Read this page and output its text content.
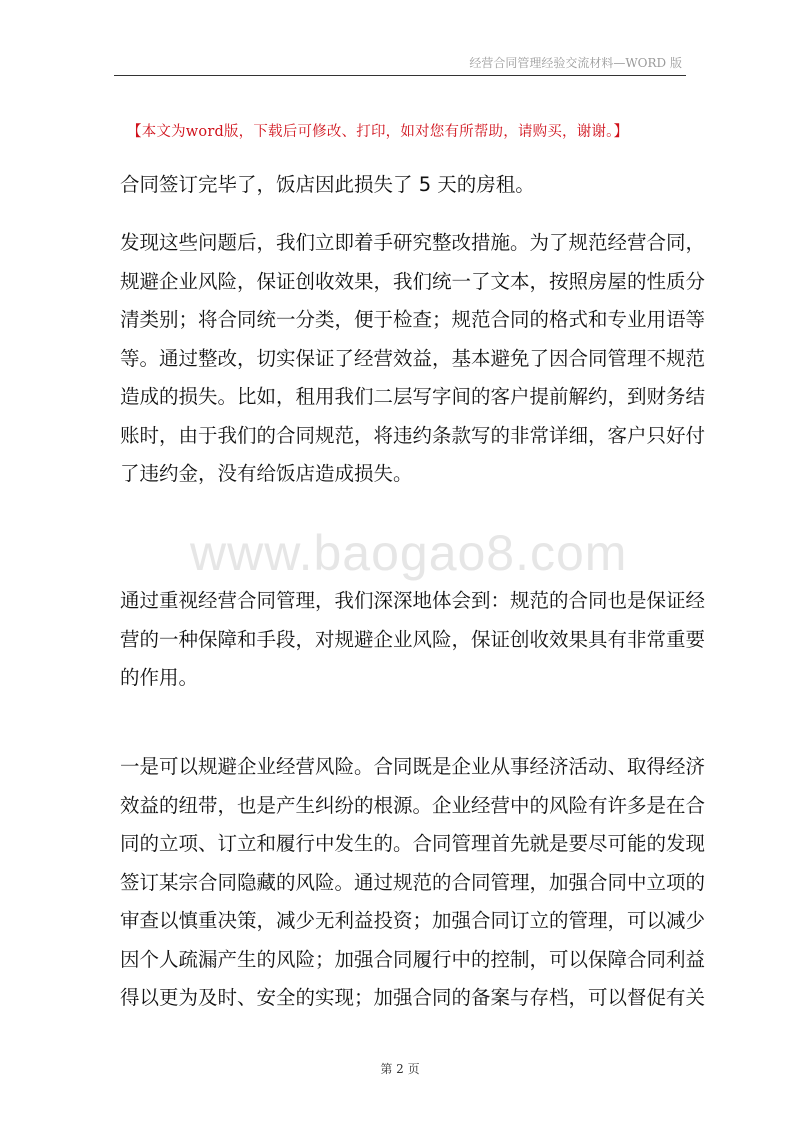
经营合同管理经验交流材料—WORD 版
【本文为word版，下载后可修改、打印，如对您有所帮助，请购买，谢谢。】
合同签订完毕了，饭店因此损失了 5 天的房租。
发现这些问题后，我们立即着手研究整改措施。为了规范经营合同，
规避企业风险，保证创收效果，我们统一了文本，按照房屋的性质分
清类别；将合同统一分类，便于检查；规范合同的格式和专业用语等
等。通过整改，切实保证了经营效益，基本避免了因合同管理不规范
造成的损失。比如，租用我们二层写字间的客户提前解约，到财务结
账时，由于我们的合同规范，将违约条款写的非常详细，客户只好付
了违约金，没有给饭店造成损失。
www.baogao8.com
通过重视经营合同管理，我们深深地体会到：规范的合同也是保证经
营的一种保障和手段，对规避企业风险，保证创收效果具有非常重要
的作用。
一是可以规避企业经营风险。合同既是企业从事经济活动、取得经济
效益的纽带，也是产生纠纷的根源。企业经营中的风险有许多是在合
同的立项、订立和履行中发生的。合同管理首先就是要尽可能的发现
签订某宗合同隐藏的风险。通过规范的合同管理，加强合同中立项的
审查以慎重决策，减少无利益投资；加强合同订立的管理，可以减少
因个人疏漏产生的风险；加强合同履行中的控制，可以保障合同利益
得以更为及时、安全的实现；加强合同的备案与存档，可以督促有关
第 2 页
